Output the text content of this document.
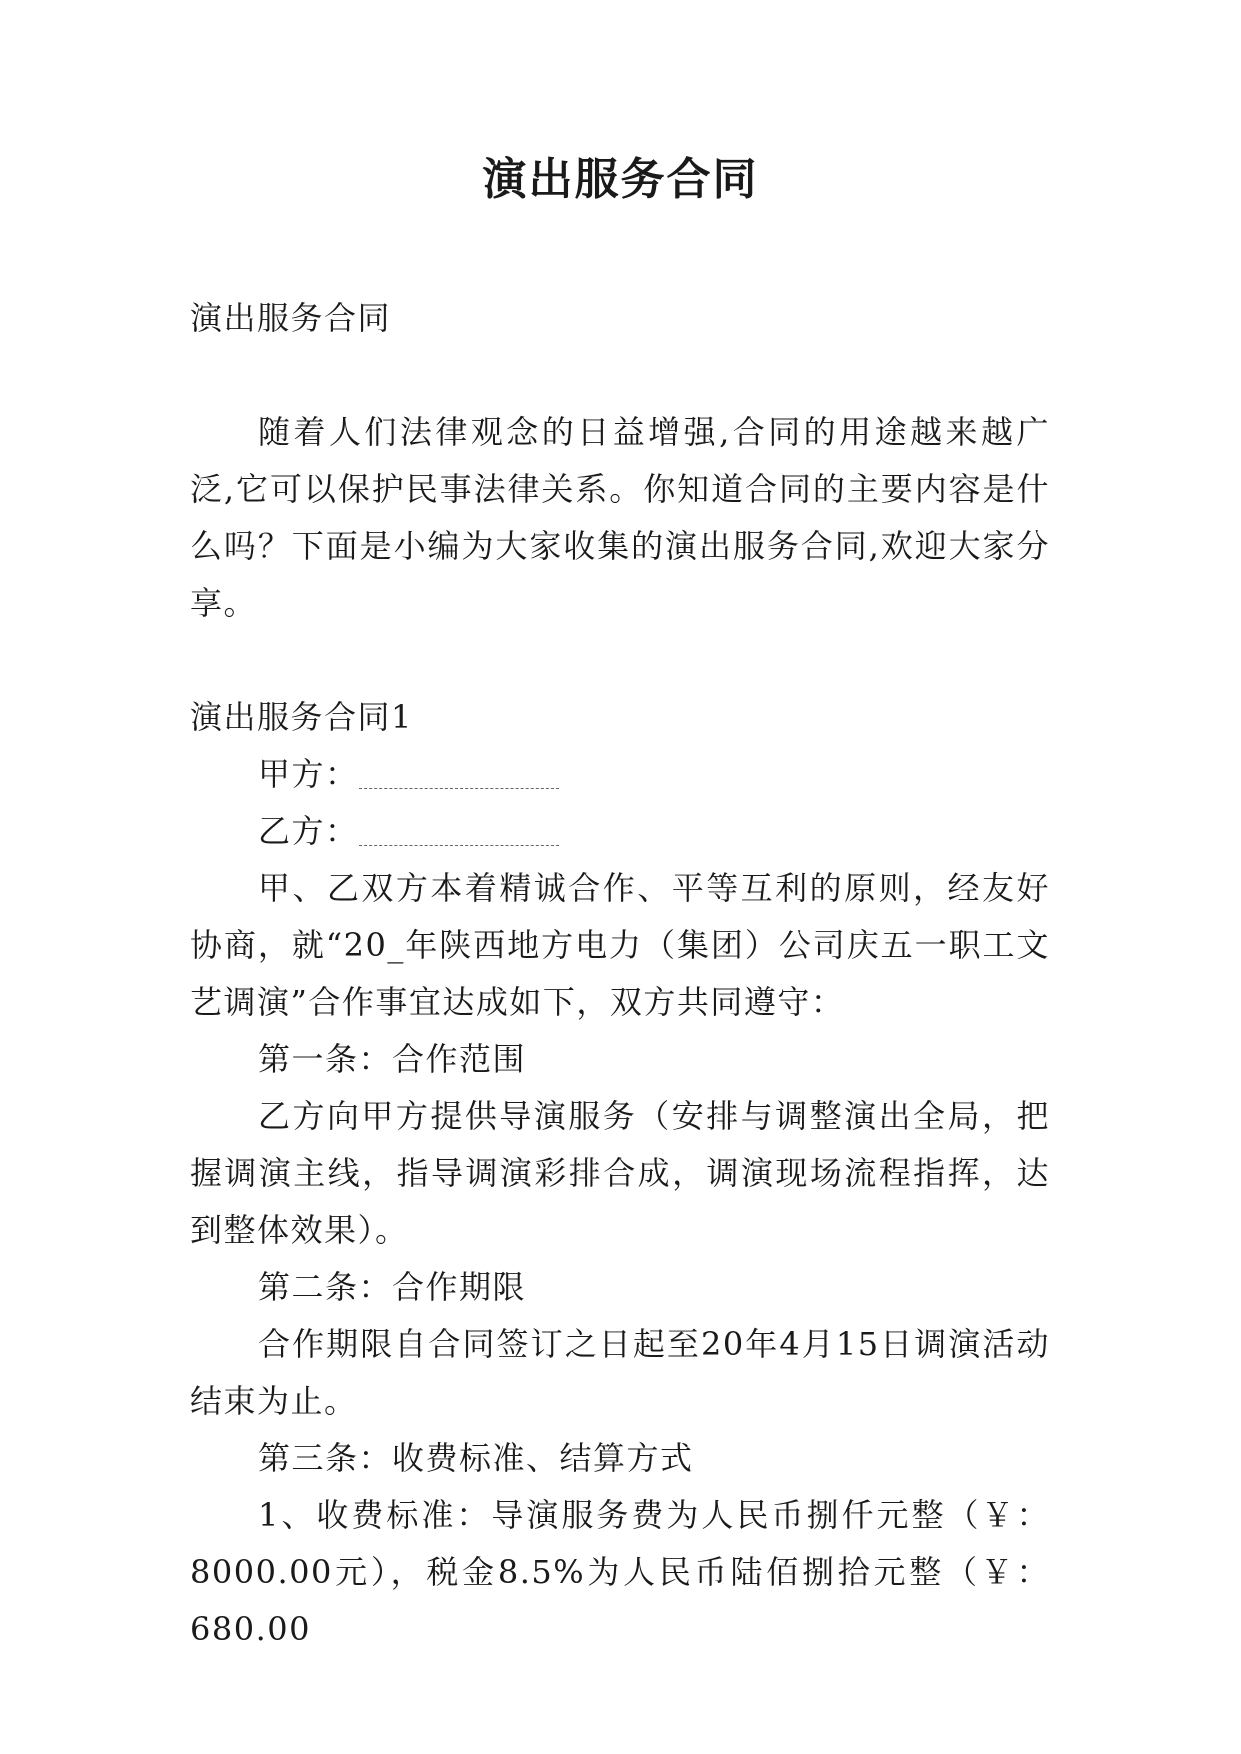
演出服务合同

演出服务合同

随着人们法律观念的日益增强,合同的用途越来越广泛,它可以保护民事法律关系。你知道合同的主要内容是什么吗？下面是小编为大家收集的演出服务合同,欢迎大家分享。

演出服务合同1

甲方：

乙方：

甲、乙双方本着精诚合作、平等互利的原则，经友好协商，就“20_年陕西地方电力（集团）公司庆五一职工文艺调演”合作事宜达成如下，双方共同遵守：

第一条：合作范围

乙方向甲方提供导演服务（安排与调整演出全局，把握调演主线，指导调演彩排合成，调演现场流程指挥，达到整体效果）。

第二条：合作期限

合作期限自合同签订之日起至20年4月15日调演活动结束为止。

第三条：收费标准、结算方式

1、收费标准：导演服务费为人民币捌仟元整（￥：8000.00元），税金8.5%为人民币陆佰捌拾元整（￥：680.00
